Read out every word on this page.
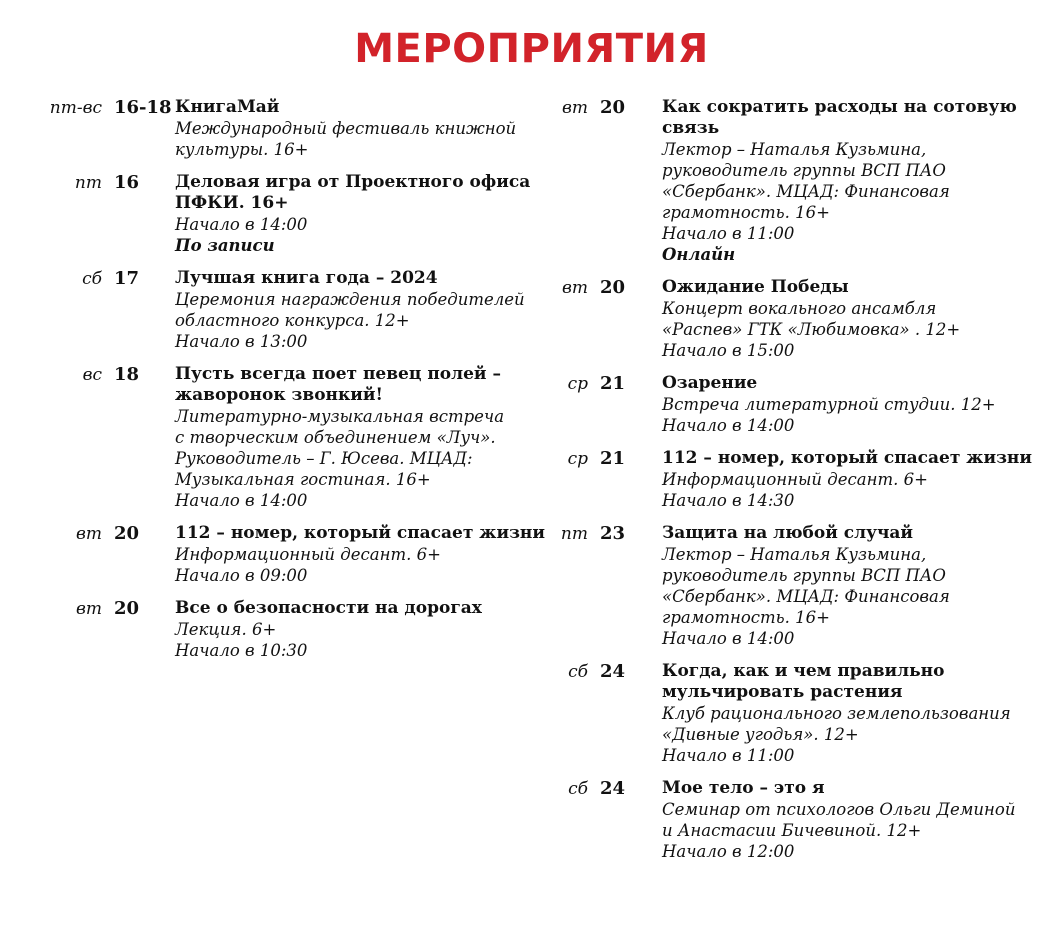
МЕРОПРИЯТИЯ
пт-вс 16-18 КнигаМай
Международный фестиваль книжной
культуры. 16+
пт 16	Деловая игра от Проектного офиса
ПФКИ. 16+
Начало в 14:00
По записи
сб 17	Лучшая книга года – 2024
Церемония награждения победителей
областного конкурса. 12+
Начало в 13:00
вс 18	Пусть всегда поет певец полей –
жаворонок звонкий!
Литературно-музыкальная встреча
с творческим объединением «Луч».
Руководитель – Г. Юсева. МЦАД:
Музыкальная гостиная. 16+
Начало в 14:00
вт 20	112 – номер, который спасает жизни
Информационный десант. 6+
Начало в 09:00
вт 20	Все о безопасности на дорогах
Лекция. 6+
Начало в 10:30
вт 20	Как сократить расходы на сотовую
связь
Лектор – Наталья Кузьмина,
руководитель группы ВСП ПАО
«Сбербанк». МЦАД: Финансовая
грамотность. 16+
Начало в 11:00
Онлайн
вт 20	Ожидание Победы
Концерт вокального ансамбля
«Распев» ГТК «Любимовка» . 12+
Начало в 15:00
ср 21	Озарение
Встреча литературной студии. 12+
Начало в 14:00
ср 21	112 – номер, который спасает жизни
Информационный десант. 6+
Начало в 14:30
пт 23	Защита на любой случай
Лектор – Наталья Кузьмина,
руководитель группы ВСП ПАО
«Сбербанк». МЦАД: Финансовая
грамотность. 16+
Начало в 14:00
сб 24	Когда, как и чем правильно
мульчировать растения
Клуб рационального землепользования
«Дивные угодья». 12+
Начало в 11:00
сб 24	Мое тело – это я
Семинар от психологов Ольги Деминой
и Анастасии Бичевиной. 12+
Начало в 12:00
